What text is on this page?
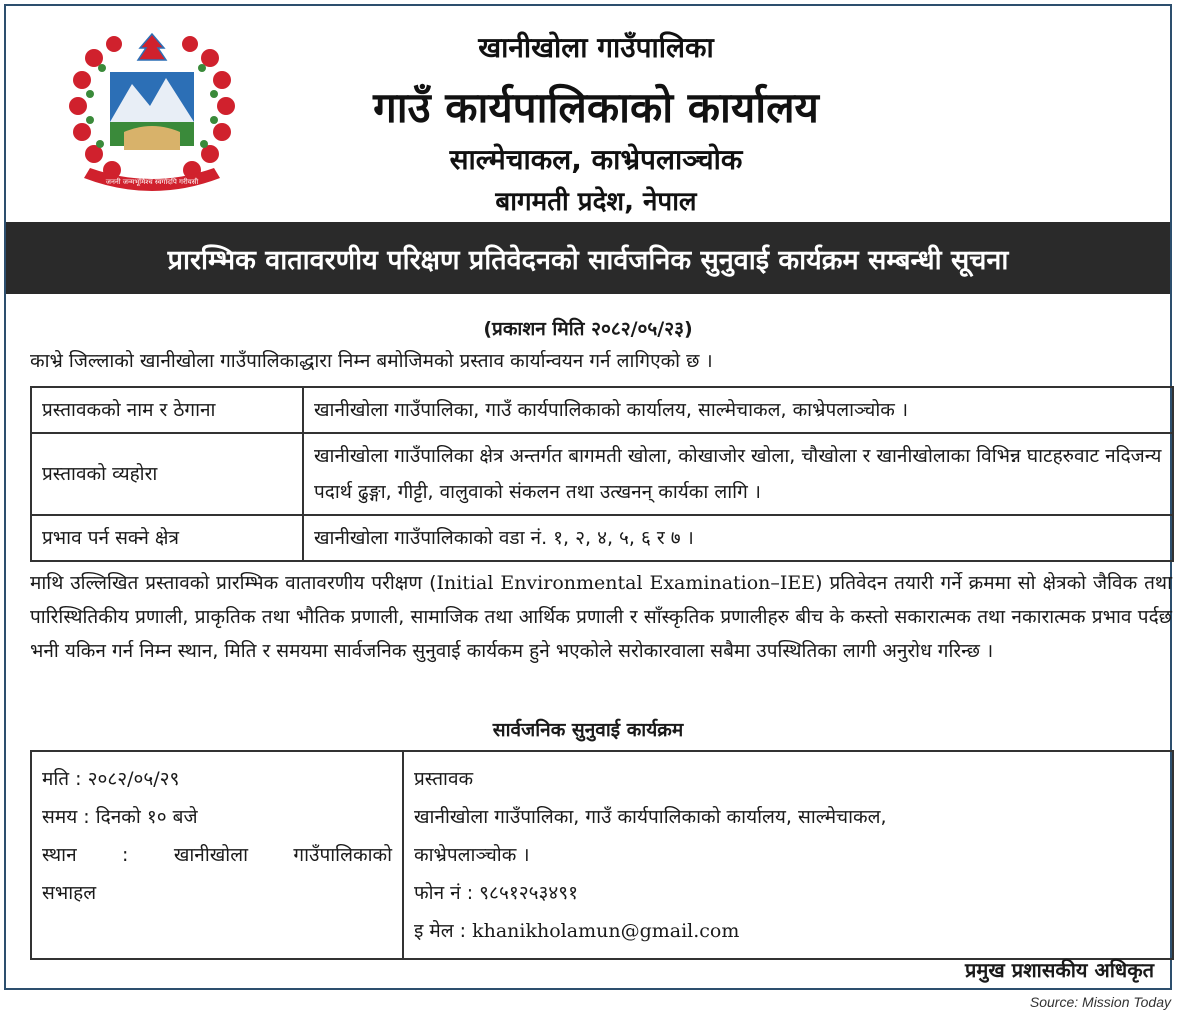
जननी जन्मभूमिश्च स्वर्गादपि गरीयसी
खानीखोला गाउँपालिका
गाउँ कार्यपालिकाको कार्यालय
साल्मेचाकल, काभ्रेपलाञ्चोक
बागमती प्रदेश, नेपाल
प्रारम्भिक वातावरणीय परिक्षण प्रतिवेदनको सार्वजनिक सुनुवाई कार्यक्रम सम्बन्धी सूचना
(प्रकाशन मिति २०८२/०५/२३)
काभ्रे जिल्लाको खानीखोला गाउँपालिकाद्धारा निम्न बमोजिमको प्रस्ताव कार्यान्वयन गर्न लागिएको छ ।
प्रस्तावकको नाम र ठेगाना	खानीखोला गाउँपालिका, गाउँ कार्यपालिकाको कार्यालय, साल्मेचाकल, काभ्रेपलाञ्चोक ।
प्रस्तावको व्यहोरा	खानीखोला गाउँपालिका क्षेत्र अन्तर्गत बागमती खोला, कोखाजोर खोला, चौखोला र खानीखोलाका विभिन्न घाटहरुवाट नदिजन्य पदार्थ ढुङ्गा, गीट्टी, वालुवाको संकलन तथा उत्खनन् कार्यका लागि ।
प्रभाव पर्न सक्ने क्षेत्र	खानीखोला गाउँपालिकाको वडा नं. १, २, ४, ५, ६ र ७ ।
माथि उल्लिखित प्रस्तावको प्रारम्भिक वातावरणीय परीक्षण (Initial Environmental Examination–IEE) प्रतिवेदन तयारी गर्ने क्रममा सो क्षेत्रको जैविक तथा पारिस्थितिकीय प्रणाली, प्राकृतिक तथा भौतिक प्रणाली, सामाजिक तथा आर्थिक प्रणाली र साँस्कृतिक प्रणालीहरु बीच के कस्तो सकारात्मक तथा नकारात्मक प्रभाव पर्दछ भनी यकिन गर्न निम्न स्थान, मिति र समयमा सार्वजनिक सुनुवाई कार्यकम हुने भएकोले सरोकारवाला सबैमा उपस्थितिका लागी अनुरोध गरिन्छ ।
सार्वजनिक सुनुवाई कार्यक्रम
मति : २०८२/०५/२९
समय : दिनको १० बजे
स्थान : खानीखोला गाउँपालिकाको
सभाहल

प्रस्तावक
खानीखोला गाउँपालिका, गाउँ कार्यपालिकाको कार्यालय, साल्मेचाकल,
काभ्रेपलाञ्चोक ।
फोन नं : ९८५१२५३४९१
इ मेल : khanikholamun@gmail.com
प्रमुख प्रशासकीय अधिकृत
Source: Mission Today
